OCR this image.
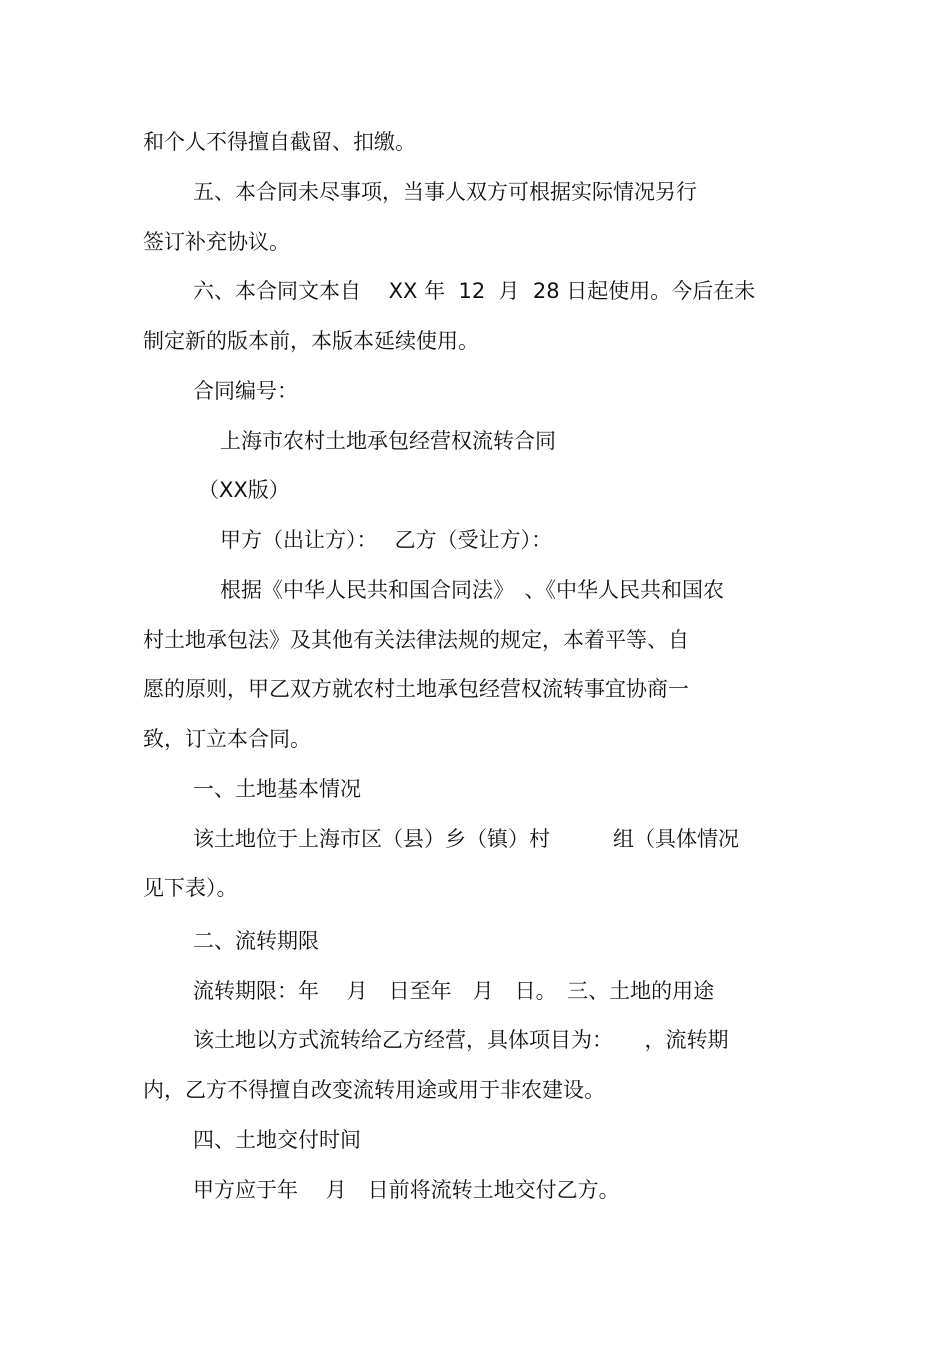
和个人不得擅自截留、扣缴。

五、本合同未尽事项，当事人双方可根据实际情况另行

签订补充协议。

六、本合同文本自　 XX 年  12  月  28 日起使用。今后在未

制定新的版本前，本版本延续使用。

合同编号：

上海市农村土地承包经营权流转合同

（XX版）

甲方（出让方）：　 乙方（受让方）：

根据《中华人民共和国合同法》　、《中华人民共和国农

村土地承包法》及其他有关法律法规的规定，本着平等、自

愿的原则，甲乙双方就农村土地承包经营权流转事宜协商一

致，订立本合同。

一、土地基本情况

该土地位于上海市区（县）乡（镇）村　　　组（具体情况

见下表）。

二、流转期限

流转期限：年　 月　日至年　月　日。　三、土地的用途

该土地以方式流转给乙方经营，具体项目为：　　，流转期

内，乙方不得擅自改变流转用途或用于非农建设。

四、土地交付时间

甲方应于年　 月　日前将流转土地交付乙方。
